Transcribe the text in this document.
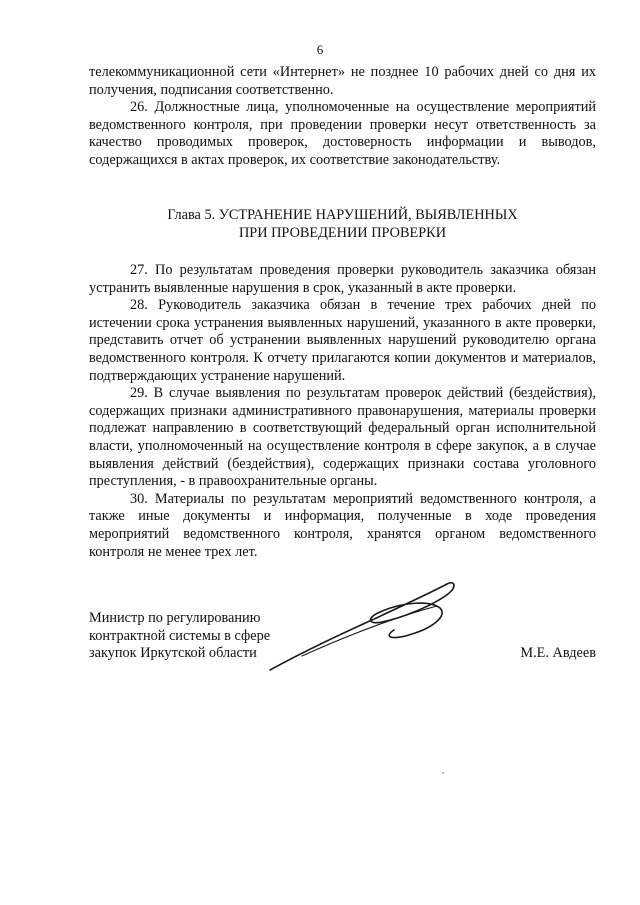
6

телекоммуникационной сети «Интернет» не позднее 10 рабочих дней со дня их получения, подписания соответственно.

26. Должностные лица, уполномоченные на осуществление мероприятий ведомственного контроля, при проведении проверки несут ответственность за качество проводимых проверок, достоверность информации и выводов, содержащихся в актах проверок, их соответствие законодательству.

Глава 5. УСТРАНЕНИЕ НАРУШЕНИЙ, ВЫЯВЛЕННЫХ
ПРИ ПРОВЕДЕНИИ ПРОВЕРКИ

27. По результатам проведения проверки руководитель заказчика обязан устранить выявленные нарушения в срок, указанный в акте проверки.

28. Руководитель заказчика обязан в течение трех рабочих дней по истечении срока устранения выявленных нарушений, указанного в акте проверки, представить отчет об устранении выявленных нарушений руководителю органа ведомственного контроля. К отчету прилагаются копии документов и материалов, подтверждающих устранение нарушений.

29. В случае выявления по результатам проверок действий (бездействия), содержащих признаки административного правонарушения, материалы проверки подлежат направлению в соответствующий федеральный орган исполнительной власти, уполномоченный на осуществление контроля в сфере закупок, а в случае выявления действий (бездействия), содержащих признаки состава уголовного преступления, - в правоохранительные органы.

30. Материалы по результатам мероприятий ведомственного контроля, а также иные документы и информация, полученные в ходе проведения мероприятий ведомственного контроля, хранятся органом ведомственного контроля не менее трех лет.

Министр по регулированию
контрактной системы в сфере
закупок Иркутской области	М.Е. Авдеев
